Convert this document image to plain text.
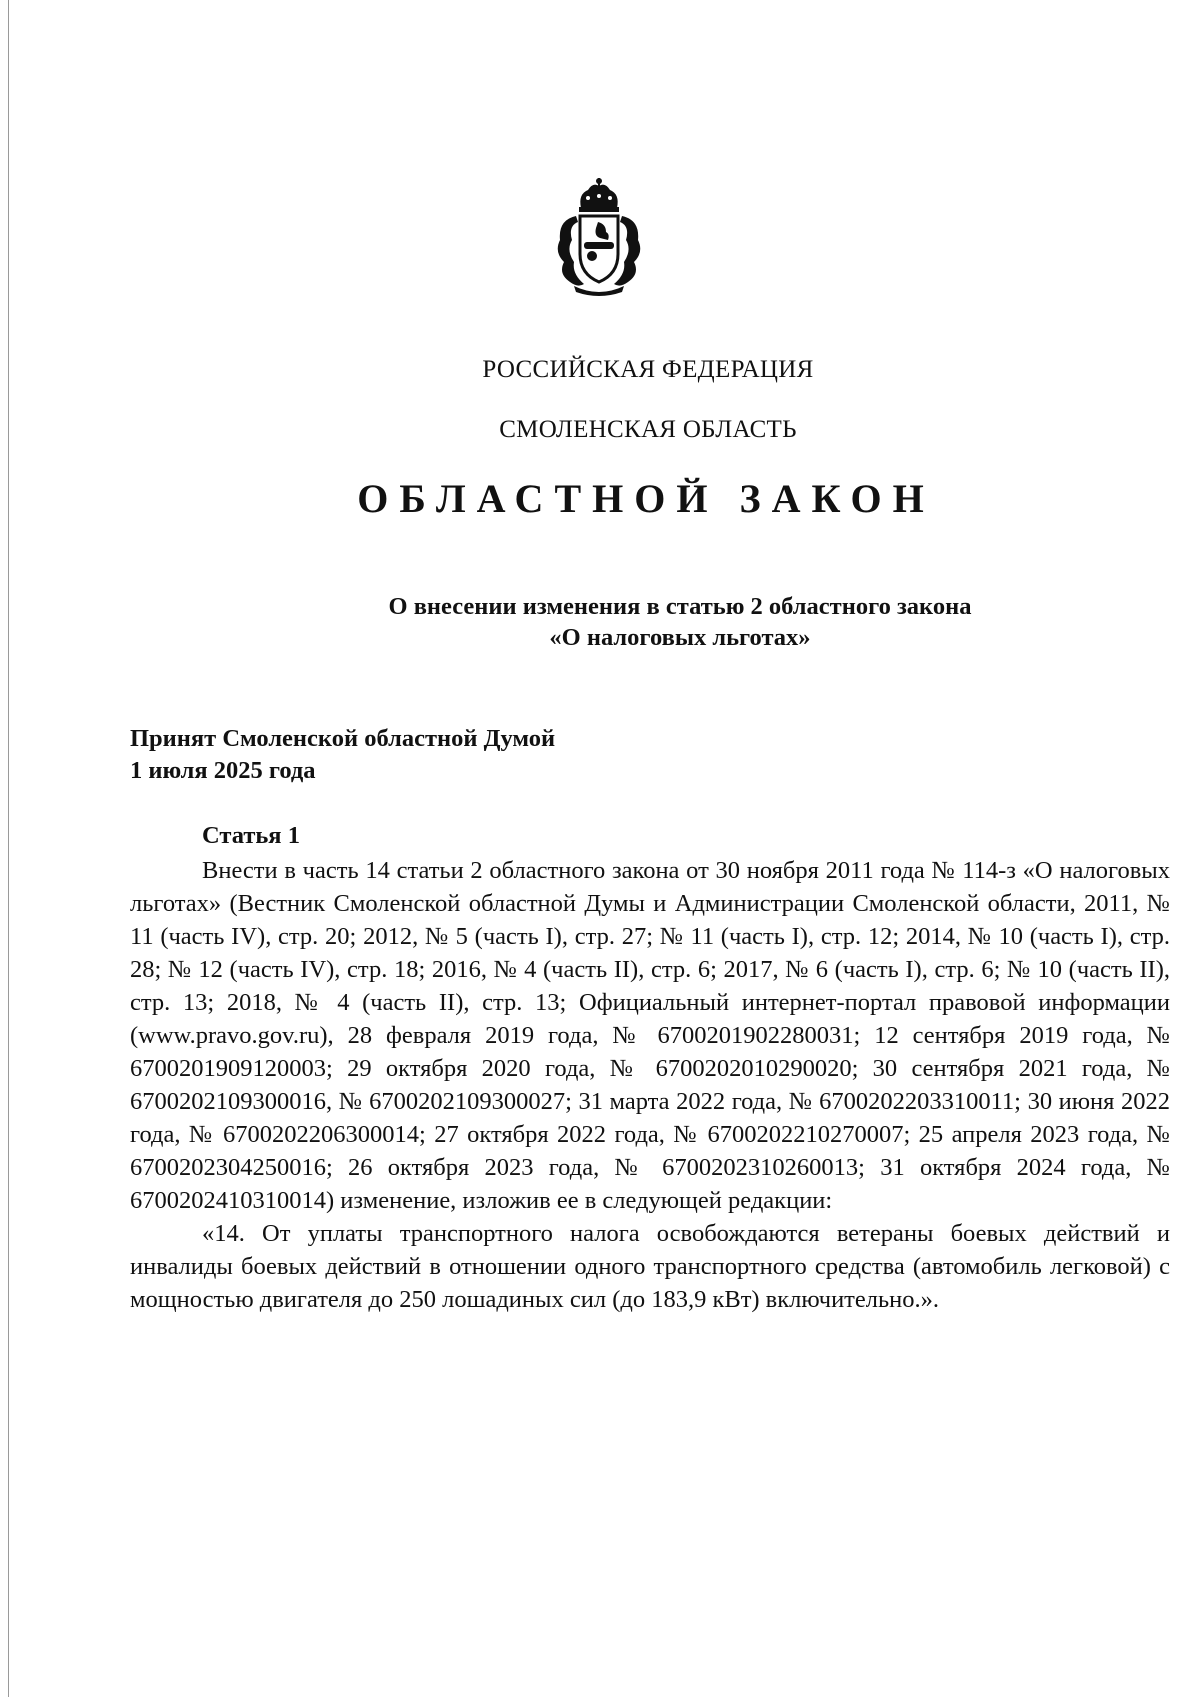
РОССИЙСКАЯ ФЕДЕРАЦИЯ
СМОЛЕНСКАЯ ОБЛАСТЬ
ОБЛАСТНОЙ ЗАКОН
О внесении изменения в статью 2 областного закона
«О налоговых льготах»
Принят Смоленской областной Думой
1 июля 2025 года
Статья 1

Внести в часть 14 статьи 2 областного закона от 30 ноября 2011 года № 114-з «О налоговых льготах» (Вестник Смоленской областной Думы и Администрации Смоленской области, 2011, № 11 (часть IV), стр. 20; 2012, № 5 (часть I), стр. 27; № 11 (часть I), стр. 12; 2014, № 10 (часть I), стр. 28; № 12 (часть IV), стр. 18; 2016, № 4 (часть II), стр. 6; 2017, № 6 (часть I), стр. 6; № 10 (часть II), стр. 13; 2018, № 4 (часть II), стр. 13; Официальный интернет-портал правовой информации (www.pravo.gov.ru), 28 февраля 2019 года, № 6700201902280031; 12 сентября 2019 года, № 6700201909120003; 29 октября 2020 года, № 6700202010290020; 30 сентября 2021 года, № 6700202109300016, № 6700202109300027; 31 марта 2022 года, № 6700202203310011; 30 июня 2022 года, № 6700202206300014; 27 октября 2022 года, № 6700202210270007; 25 апреля 2023 года, № 6700202304250016; 26 октября 2023 года, № 6700202310260013; 31 октября 2024 года, № 6700202410310014) изменение, изложив ее в следующей редакции:

«14. От уплаты транспортного налога освобождаются ветераны боевых действий и инвалиды боевых действий в отношении одного транспортного средства (автомобиль легковой) с мощностью двигателя до 250 лошадиных сил (до 183,9 кВт) включительно.».
